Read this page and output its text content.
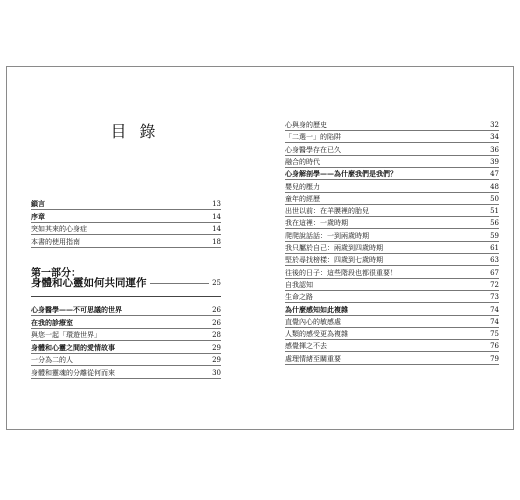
目 錄
鎖言	13
序章	14
突如其來的心身症	14
本書的使用指南	18
第一部分：
身體和心靈如何共同運作	25
心身醫學——不可思議的世界	26
在我的診療室	26
與您一起「環遊世界」	28
身體和心靈之間的愛情故事	29
一分為二的人	29
身體和靈魂的分離從何而來	30
心與身的歷史	32
「二選一」的陷阱	34
心身醫學存在已久	36
融合的時代	39
心身解剖學——為什麼我們是我們？	47
嬰兒的壓力	48
童年的經歷	50
出世以前：在羊膜裡的胎兒	51
我在這裡：一歲時期	56
爬爬說話話：一到兩歲時期	59
我只屬於自己：兩歲到四歲時期	61
堅於尋找榜樣：四歲到七歲時期	63
往後的日子：這些階段也都很重要！	67
自我認知	72
生命之路	73
為什麼感知如此複雜	74
直覺內心的敏感處	74
人類的感受更為複雜	75
感覺揮之不去	76
處理情緒至關重要	79
